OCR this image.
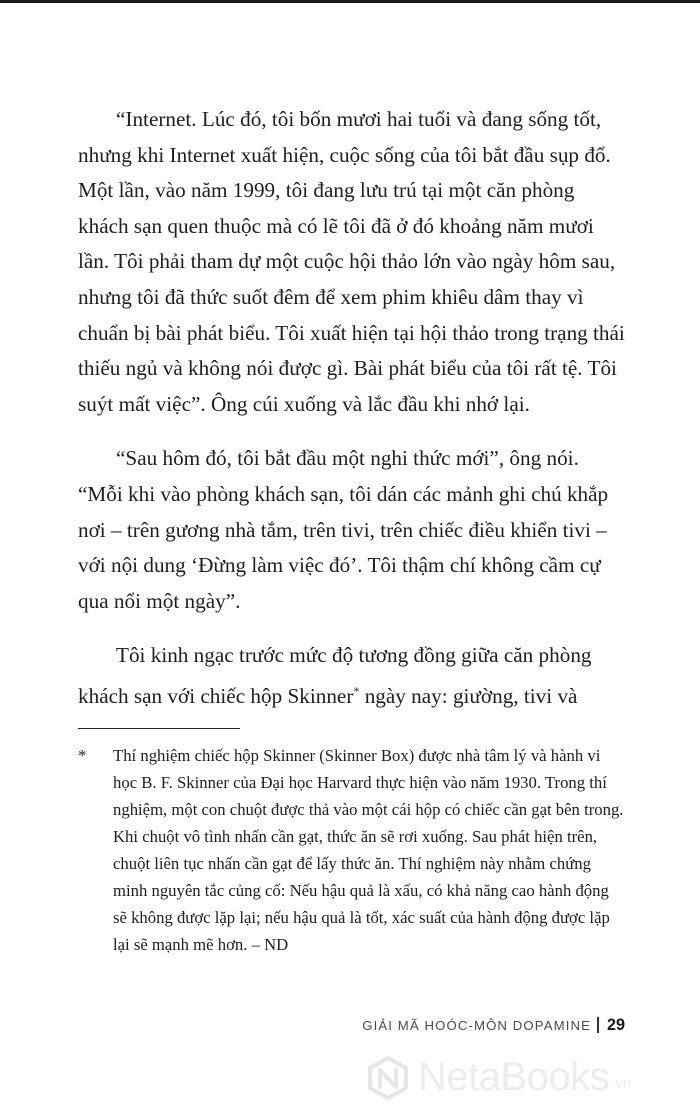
“Internet. Lúc đó, tôi bốn mươi hai tuổi và đang sống tốt, nhưng khi Internet xuất hiện, cuộc sống của tôi bắt đầu sụp đổ. Một lần, vào năm 1999, tôi đang lưu trú tại một căn phòng khách sạn quen thuộc mà có lẽ tôi đã ở đó khoảng năm mươi lần. Tôi phải tham dự một cuộc hội thảo lớn vào ngày hôm sau, nhưng tôi đã thức suốt đêm để xem phim khiêu dâm thay vì chuẩn bị bài phát biểu. Tôi xuất hiện tại hội thảo trong trạng thái thiếu ngủ và không nói được gì. Bài phát biểu của tôi rất tệ. Tôi suýt mất việc”. Ông cúi xuống và lắc đầu khi nhớ lại.

“Sau hôm đó, tôi bắt đầu một nghi thức mới”, ông nói. “Mỗi khi vào phòng khách sạn, tôi dán các mảnh ghi chú khắp nơi – trên gương nhà tắm, trên tivi, trên chiếc điều khiển tivi – với nội dung ‘Đừng làm việc đó’. Tôi thậm chí không cầm cự qua nổi một ngày”.

Tôi kinh ngạc trước mức độ tương đồng giữa căn phòng khách sạn với chiếc hộp Skinner* ngày nay: giường, tivi và

* Thí nghiệm chiếc hộp Skinner (Skinner Box) được nhà tâm lý và hành vi học B. F. Skinner của Đại học Harvard thực hiện vào năm 1930. Trong thí nghiệm, một con chuột được thả vào một cái hộp có chiếc cần gạt bên trong. Khi chuột vô tình nhấn cần gạt, thức ăn sẽ rơi xuống. Sau phát hiện trên, chuột liên tục nhấn cần gạt để lấy thức ăn. Thí nghiệm này nhằm chứng minh nguyên tắc củng cố: Nếu hậu quả là xấu, có khả năng cao hành động sẽ không được lặp lại; nếu hậu quả là tốt, xác suất của hành động được lặp lại sẽ mạnh mẽ hơn. – ND
GIẢI MÃ HOÓC-MÔN DOPAMINE 29
NetaBooks .vn
